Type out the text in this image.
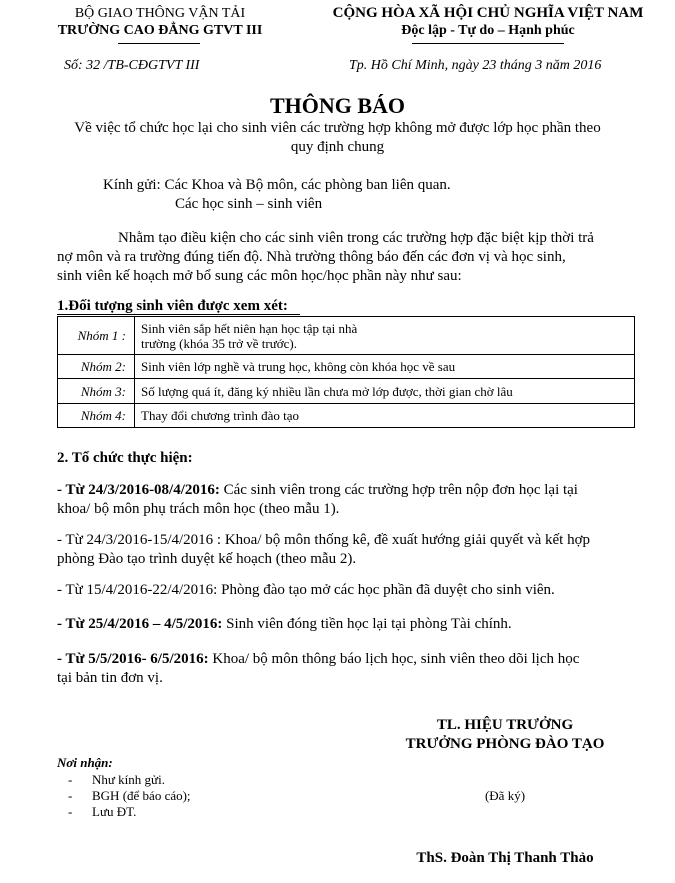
BỘ GIAO THÔNG VẬN TẢI
TRƯỜNG CAO ĐẲNG GTVT III
CỘNG HÒA XÃ HỘI CHỦ NGHĨA VIỆT NAM
Độc lập - Tự do – Hạnh phúc
Số: 32 /TB-CĐGTVT III	Tp. Hồ Chí Minh, ngày 23 tháng 3 năm 2016
THÔNG BÁO
Về việc tổ chức học lại cho sinh viên các trường hợp không mở được lớp học phần theo
quy định chung
Kính gửi: Các Khoa và Bộ môn, các phòng ban liên quan.
Các học sinh – sinh viên
Nhằm tạo điều kiện cho các sinh viên trong các trường hợp đặc biệt kịp thời trả
nợ môn và ra trường đúng tiến độ. Nhà trường thông báo đến các đơn vị và học sinh,
sinh viên kế hoạch mở bổ sung các môn học/học phần này như sau:
1.Đối tượng sinh viên được xem xét:
Nhóm 1 :	Sinh viên sắp hết niên hạn học tập tại nhà
trường (khóa 35 trở về trước).

Nhóm 2:	Sinh viên lớp nghề và trung học, không còn khóa học về sau
Nhóm 3:	Số lượng quá ít, đăng ký nhiều lần chưa mở lớp được, thời gian chờ lâu
Nhóm 4:	Thay đổi chương trình đào tạo
2. Tổ chức thực hiện:
- Từ 24/3/2016-08/4/2016: Các sinh viên trong các trường hợp trên nộp đơn học lại tại
khoa/ bộ môn phụ trách môn học (theo mẫu 1).
- Từ 24/3/2016-15/4/2016 : Khoa/ bộ môn thống kê, đề xuất hướng giải quyết và kết hợp
phòng Đào tạo trình duyệt kế hoạch (theo mẫu 2).
- Từ 15/4/2016-22/4/2016: Phòng đào tạo mở các học phần đã duyệt cho sinh viên.
- Từ 25/4/2016 – 4/5/2016: Sinh viên đóng tiền học lại tại phòng Tài chính.
- Từ 5/5/2016- 6/5/2016: Khoa/ bộ môn thông báo lịch học, sinh viên theo dõi lịch học
tại bản tin đơn vị.
TL. HIỆU TRƯỞNG
TRƯỞNG PHÒNG ĐÀO TẠO
(Đã ký)
ThS. Đoàn Thị Thanh Thảo
Nơi nhận:
- Như kính gửi.
- BGH (để báo cáo);
- Lưu ĐT.
